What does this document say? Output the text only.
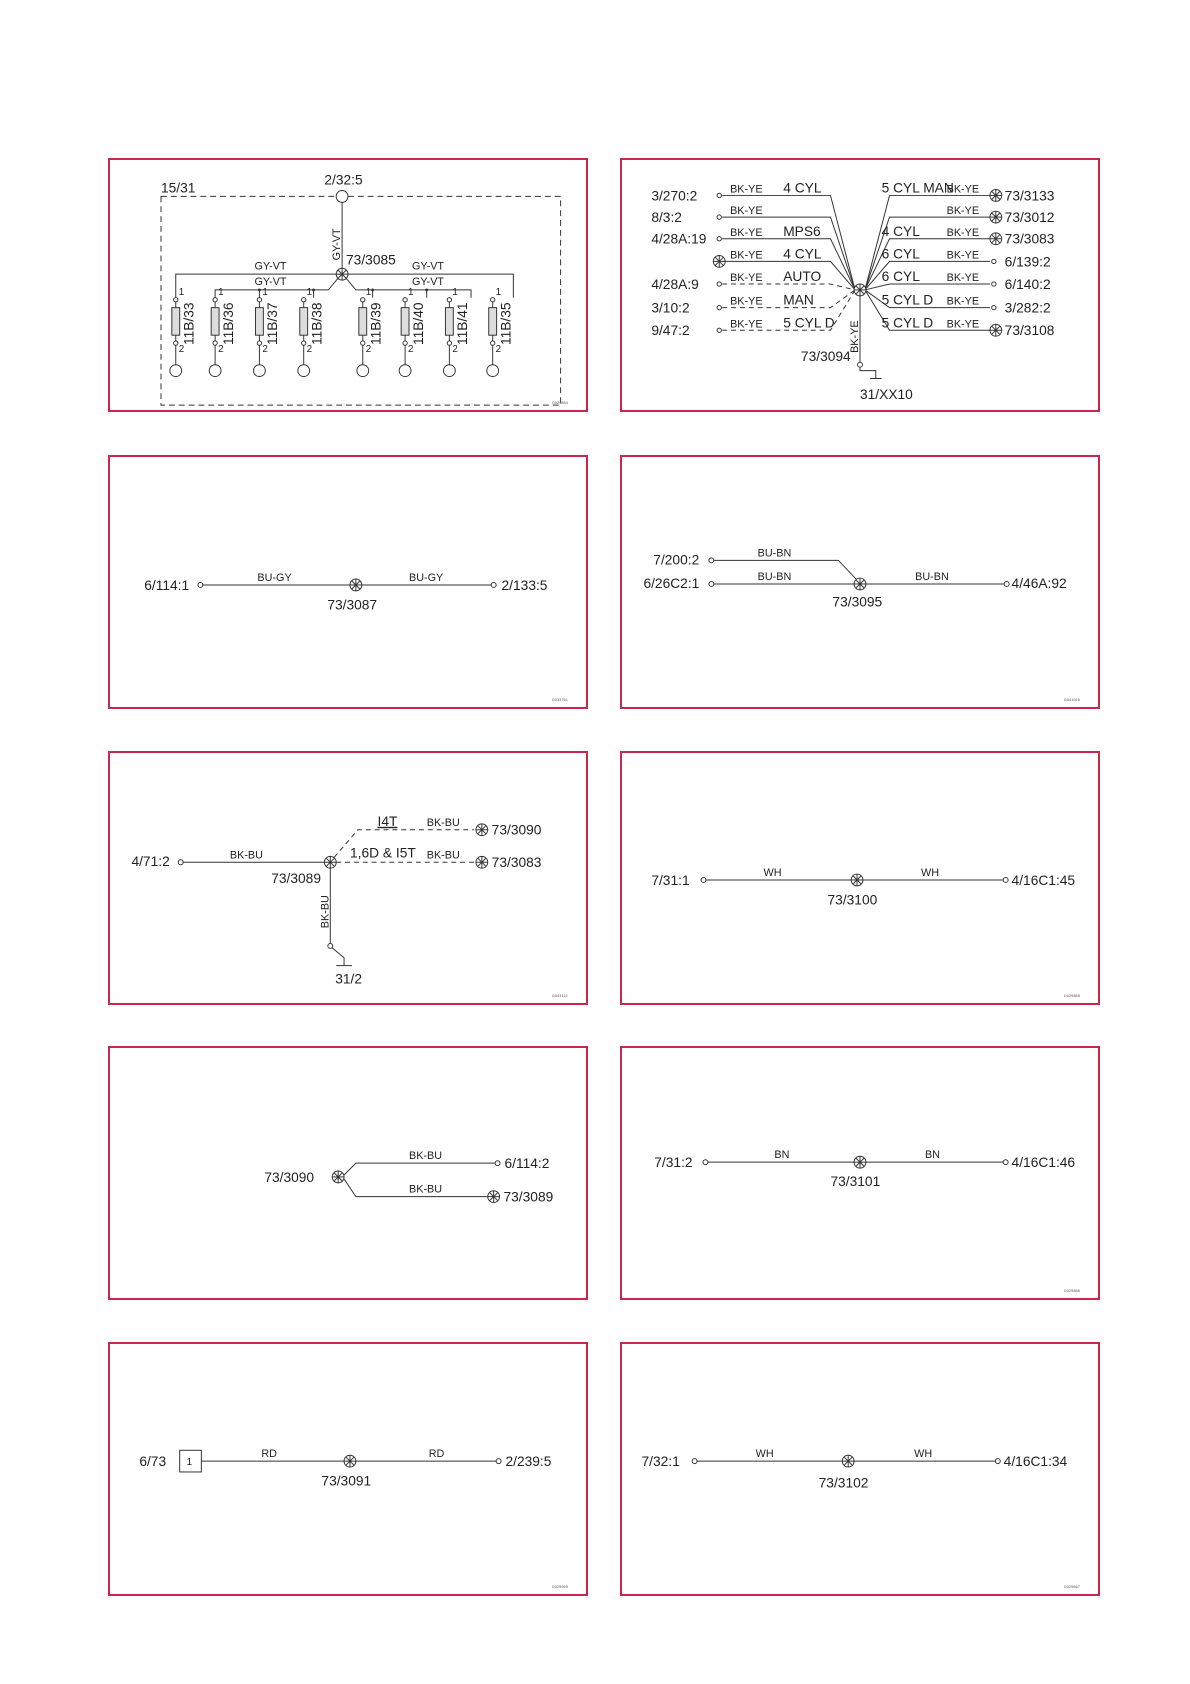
15/31
2/32:5
GY-VT 73/3085
GY-VT
GY-VT
GY-VT
GY-VT
1
2
11B/33
1
2
11B/36
1
2
11B/37
1
2
11B/38
1
2
11B/39
1
2
11B/40
1
2
11B/41
1
2
11B/35
G029854
3/270:2	BK-YE 4 CYL
8/3:2	BK-YE
4/28A:19 BK-YE MPS6
BK-YE 4 CYL
4/28A:9	BK-YE AUTO
3/10:2	BK-YE MAN
9/47:2	BK-YE 5 CYL D
BK-YE
5 CYL MAN
73/3133
BK-YE 73/3012
BK-YE
4 CYL
73/3083
BK-YE
6 CYL
6/139:2
BK-YE
6 CYL
6/140:2
BK-YE
5 CYL D
3/282:2
BK-YE
5 CYL D
73/3108
BK-YE
73/3094
31/XX10
6/114:1	BU-GY	BU-GY
73/3087
2/133:5
G033761
7/200:2	BU-BN
6/26C2:1	BU-BN	BU-BN
73/3095
4/46A:92
G041916
4/71:2	BK-BU
73/3089
I4T	BK-BU 73/3090
1,6D & I5T BK-BU 73/3083
BK-BU
31/2
G043112
7/31:1	WH	WH
73/3100
4/16C1:45
G029865
73/3090
BK-BU	6/114:2
BK-BU	73/3089
7/31:2	BN	BN
73/3101
4/16C1:46
G029866
6/73 1
RD	RD
73/3091
2/239:5
G029959
7/32:1	WH	WH
73/3102
4/16C1:34
G029867
